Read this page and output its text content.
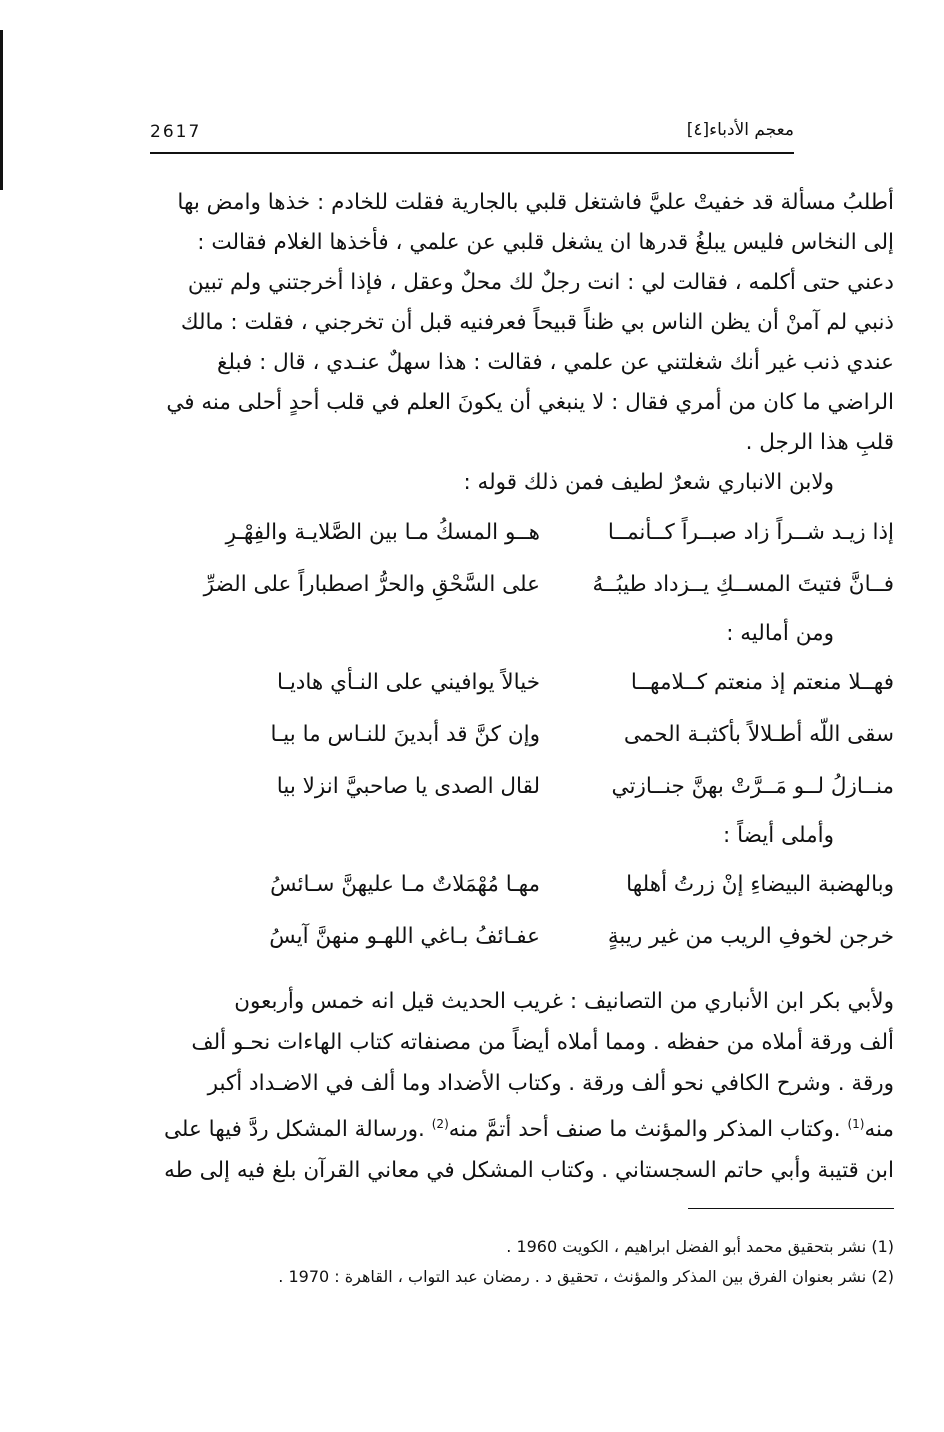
2617	معجم الأدباء[٤]

أطلبُ مسألة قد خفيتْ عليَّ فاشتغل قلبي بالجارية فقلت للخادم : خذها وامض بها

إلى النخاس فليس يبلغُ قدرها ان يشغل قلبي عن علمي ، فأخذها الغلام فقالت :

دعني حتى أكلمه ، فقالت لي : انت رجلٌ لك محلٌ وعقل ، فإذا أخرجتني ولم تبين

ذنبي لم آمنْ أن يظن الناس بي ظناً قبيحاً فعرفنيه قبل أن تخرجني ، فقلت : مالك

عندي ذنب غير أنك شغلتني عن علمي ، فقالت : هذا سهلٌ عنـدي ، قال : فبلغ

الراضي ما كان من أمري فقال : لا ينبغي أن يكونَ العلم في قلب أحدٍ أحلى منه في

قلبِ هذا الرجل .

ولابن الانباري شعرٌ لطيف فمن ذلك قوله :

إذا زيـد شــراً زاد صبــراً كــأنمــا
هــو المسكُ مـا بين الصَّلايـة والفِهْـرِ
فــانَّ فتيتَ المســكِ يــزداد طيبُــهُ
على السَّحْقِ والحرُّ اصطباراً على الضرِّ

ومن أماليه :

فهــلا منعتم إذ منعتم كــلامهــا
خيالاً يوافيني على النـأي هاديـا
سقى اللّه أطـلالاً بأكثبـة الحمى
وإن كنَّ قد أبدينَ للنـاس ما بيـا
منــازلُ لــو مَــرَّتْ بهنَّ جنــازتي
لقال الصدى يا صاحبيَّ انزلا بيا

وأملى أيضاً :

وبالهضبة البيضاءِ إنْ زرتُ أهلها
مهـا مُهْمَلاتٌ مـا عليهنَّ سـائسُ
خرجن لخوفِ الريب من غير ريبةٍ
عفـائفُ بـاغي اللهـو منهنَّ آيسُ

ولأبي بكر ابن الأنباري من التصانيف : غريب الحديث قيل انه خمس وأربعون

ألف ورقة أملاه من حفظه . ومما أملاه أيضاً من مصنفاته كتاب الهاءات نحـو ألف

ورقة . وشرح الكافي نحو ألف ورقة . وكتاب الأضداد وما ألف في الاضـداد أكبر

منه$^{(1)}$ .وكتاب المذكر والمؤنث ما صنف أحد أتمَّ منه$^{(2)}$ .ورسالة المشكل ردَّ فيها على

ابن قتيبة وأبي حاتم السجستاني . وكتاب المشكل في معاني القرآن بلغ فيه إلى طه

(1) نشر بتحقيق محمد أبو الفضل ابراهيم ، الكويت 1960 .
(2) نشر بعنوان الفرق بين المذكر والمؤنث ، تحقيق د . رمضان عبد التواب ، القاهرة : 1970 .
